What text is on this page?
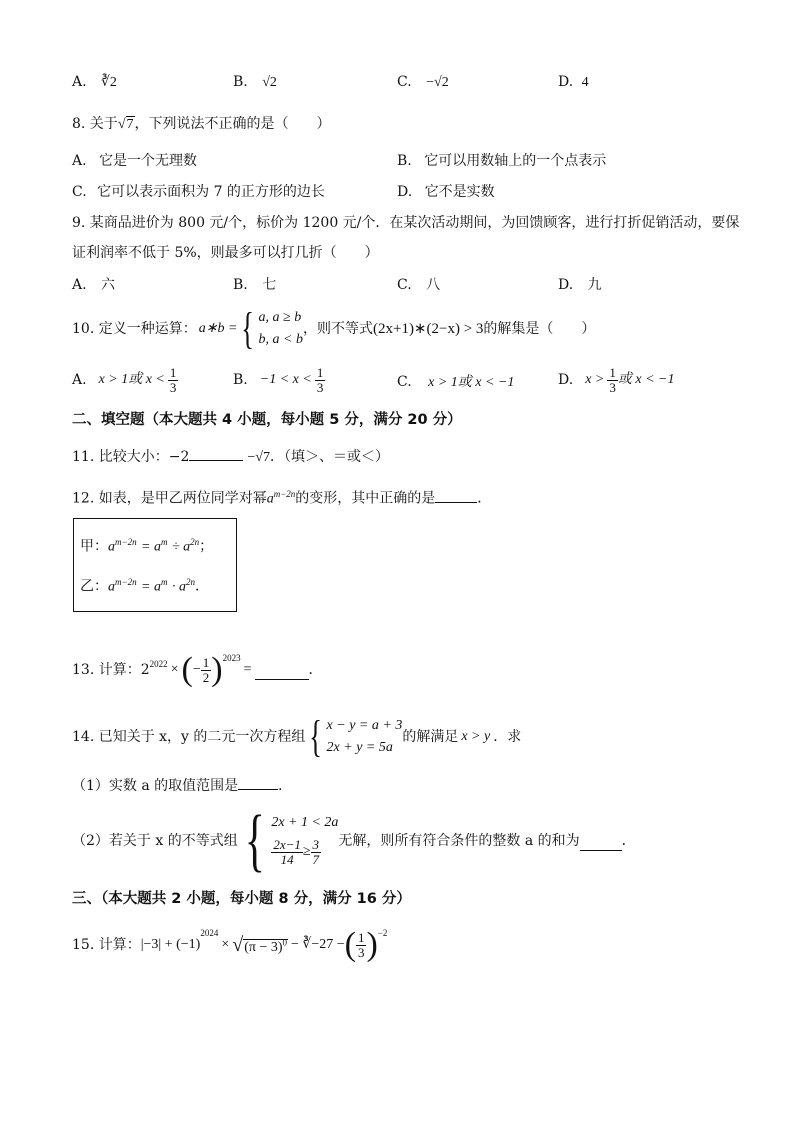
A. ∛2	B. √2	C. −√2	D. 4
8. 关于√7，下列说法不正确的是（　　）
A. 它是一个无理数	B. 它可以用数轴上的一个点表示
C. 它可以表示面积为 7 的正方形的边长	D. 它不是实数
9. 某商品进价为 800 元/个，标价为 1200 元/个．在某次活动期间，为回馈顾客，进行打折促销活动，要保
证利润率不低于 5%，则最多可以打几折（　　）
A. 六	B. 七	C. 八	D. 九
10. 定义一种运算： a∗b = { a, a ≥ b
b, a < b
，则不等式 (2x+1)∗(2−x) > 3 的解集是（　　）
A. x > 1或 $x < \frac{1}{3}$	B. $-1 < x < \frac{1}{3}$	C. x > 1或 x < −1	D. $x > \frac{1}{3}$ 或 x < −1
二、填空题（本大题共 4 小题，每小题 5 分，满分 20 分）
11. 比较大小：−2	−√7．（填＞、＝或＜）
12. 如表，是甲乙两位同学对幂$a^{m-2n}$的变形，其中正确的是	．
甲：$a^{m-2n} = a^m \div a^{2n}$；
乙：$a^{m-2n} = a^m \cdot a^{2n}$．
13. 计算：$2^{2022}$ × ( − $\frac{1}{2} )^{2023}$
=	．
14. 已知关于 x，y 的二元一次方程组 { x − y = a + 3
2x + y = 5a
的解满足 x > y ．求
（1）实数 a 的取值范围是	．
（2）若关于 x 的不等式组 { 2x + 1 < 2a
$\frac{2x-1}{14} \ge \frac{3}{7}$ 无解，则所有符合条件的整数 a 的和为	．
三、（本大题共 2 小题，每小题 8 分，满分 16 分）
15. 计算： |−3| + (−1)
$^{2024}$
× $√(\pi - 3)^0$ − ∛−27 − ( $\frac{1}{3} )^{-2}$
